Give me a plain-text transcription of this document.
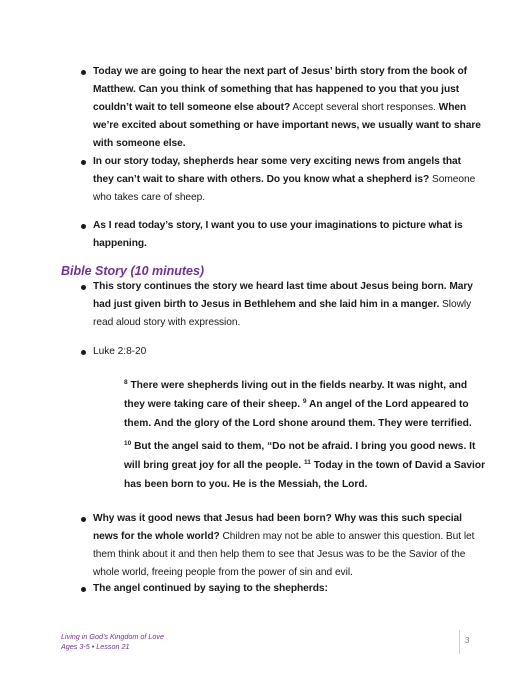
Today we are going to hear the next part of Jesus’ birth story from the book of Matthew. Can you think of something that has happened to you that you just couldn’t wait to tell someone else about? Accept several short responses. When we’re excited about something or have important news, we usually want to share with someone else.
In our story today, shepherds hear some very exciting news from angels that they can’t wait to share with others. Do you know what a shepherd is? Someone who takes care of sheep.
As I read today’s story, I want you to use your imaginations to picture what is happening.
Bible Story (10 minutes)
This story continues the story we heard last time about Jesus being born. Mary had just given birth to Jesus in Bethlehem and she laid him in a manger. Slowly read aloud story with expression.
Luke 2:8-20
$^8$ There were shepherds living out in the fields nearby. It was night, and they were taking care of their sheep. $^9$ An angel of the Lord appeared to them. And the glory of the Lord shone around them. They were terrified.
$^{10}$ But the angel said to them, “Do not be afraid. I bring you good news. It will bring great joy for all the people. $^{11}$ Today in the town of David a Savior has been born to you. He is the Messiah, the Lord.
Why was it good news that Jesus had been born? Why was this such special news for the whole world? Children may not be able to answer this question. But let them think about it and then help them to see that Jesus was to be the Savior of the whole world, freeing people from the power of sin and evil.
The angel continued by saying to the shepherds:
Living in God’s Kingdom of Love
Ages 3-5 • Lesson 21
3
